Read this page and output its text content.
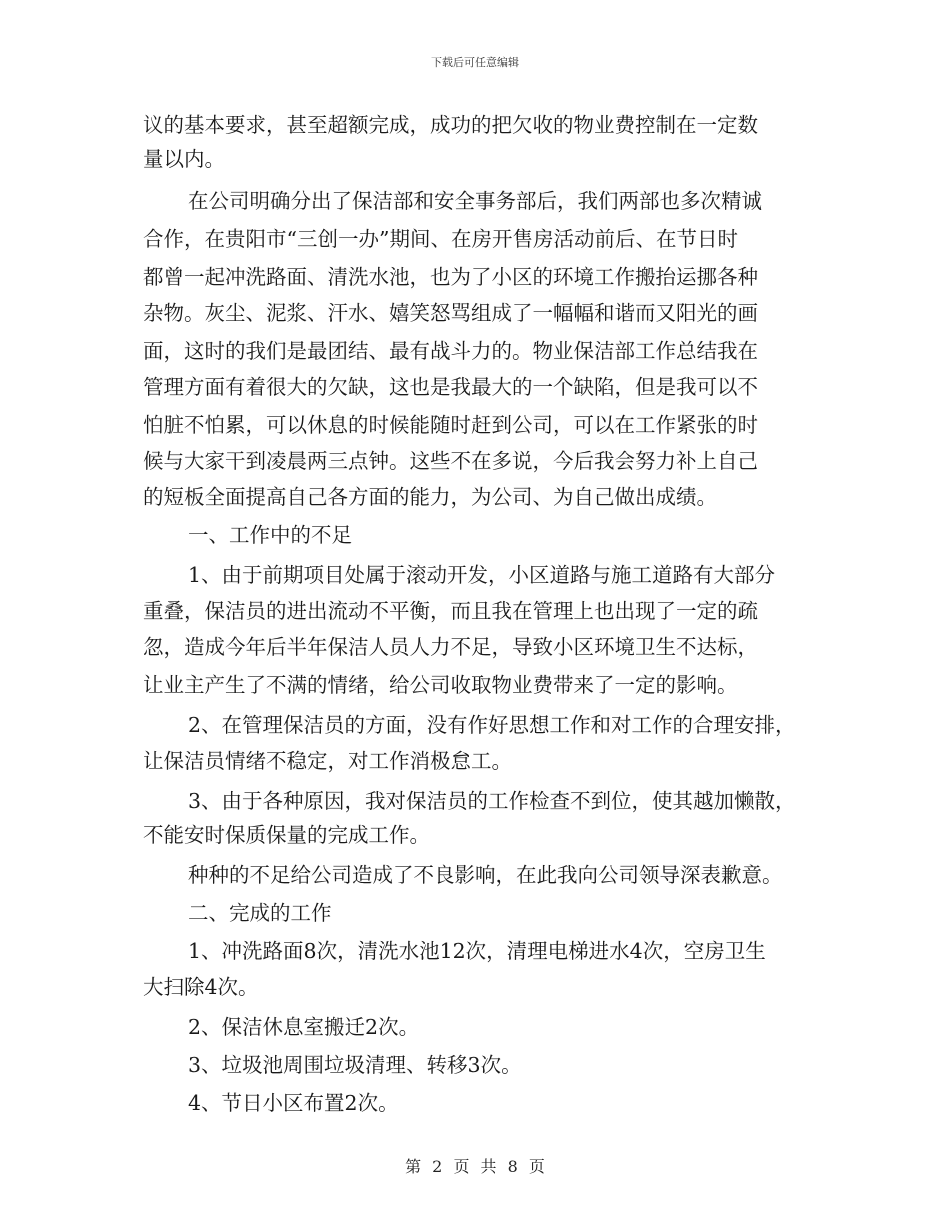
下载后可任意编辑
议的基本要求，甚至超额完成，成功的把欠收的物业费控制在一定数
量以内。
在公司明确分出了保洁部和安全事务部后，我们两部也多次精诚
合作，在贵阳市“三创一办”期间、在房开售房活动前后、在节日时
都曾一起冲洗路面、清洗水池，也为了小区的环境工作搬抬运挪各种
杂物。灰尘、泥浆、汗水、嬉笑怒骂组成了一幅幅和谐而又阳光的画
面，这时的我们是最团结、最有战斗力的。物业保洁部工作总结我在
管理方面有着很大的欠缺，这也是我最大的一个缺陷，但是我可以不
怕脏不怕累，可以休息的时候能随时赶到公司，可以在工作紧张的时
候与大家干到凌晨两三点钟。这些不在多说，今后我会努力补上自己
的短板全面提高自己各方面的能力，为公司、为自己做出成绩。
一、工作中的不足
1、由于前期项目处属于滚动开发，小区道路与施工道路有大部分
重叠，保洁员的进出流动不平衡，而且我在管理上也出现了一定的疏
忽，造成今年后半年保洁人员人力不足，导致小区环境卫生不达标，
让业主产生了不满的情绪，给公司收取物业费带来了一定的影响。
2、在管理保洁员的方面，没有作好思想工作和对工作的合理安排，
让保洁员情绪不稳定，对工作消极怠工。
3、由于各种原因，我对保洁员的工作检查不到位，使其越加懒散，
不能安时保质保量的完成工作。
种种的不足给公司造成了不良影响，在此我向公司领导深表歉意。
二、完成的工作
1、冲洗路面8次，清洗水池12次，清理电梯进水4次，空房卫生
大扫除4次。
2、保洁休息室搬迁2次。
3、垃圾池周围垃圾清理、转移3次。
4、节日小区布置2次。
第 2 页 共 8 页
